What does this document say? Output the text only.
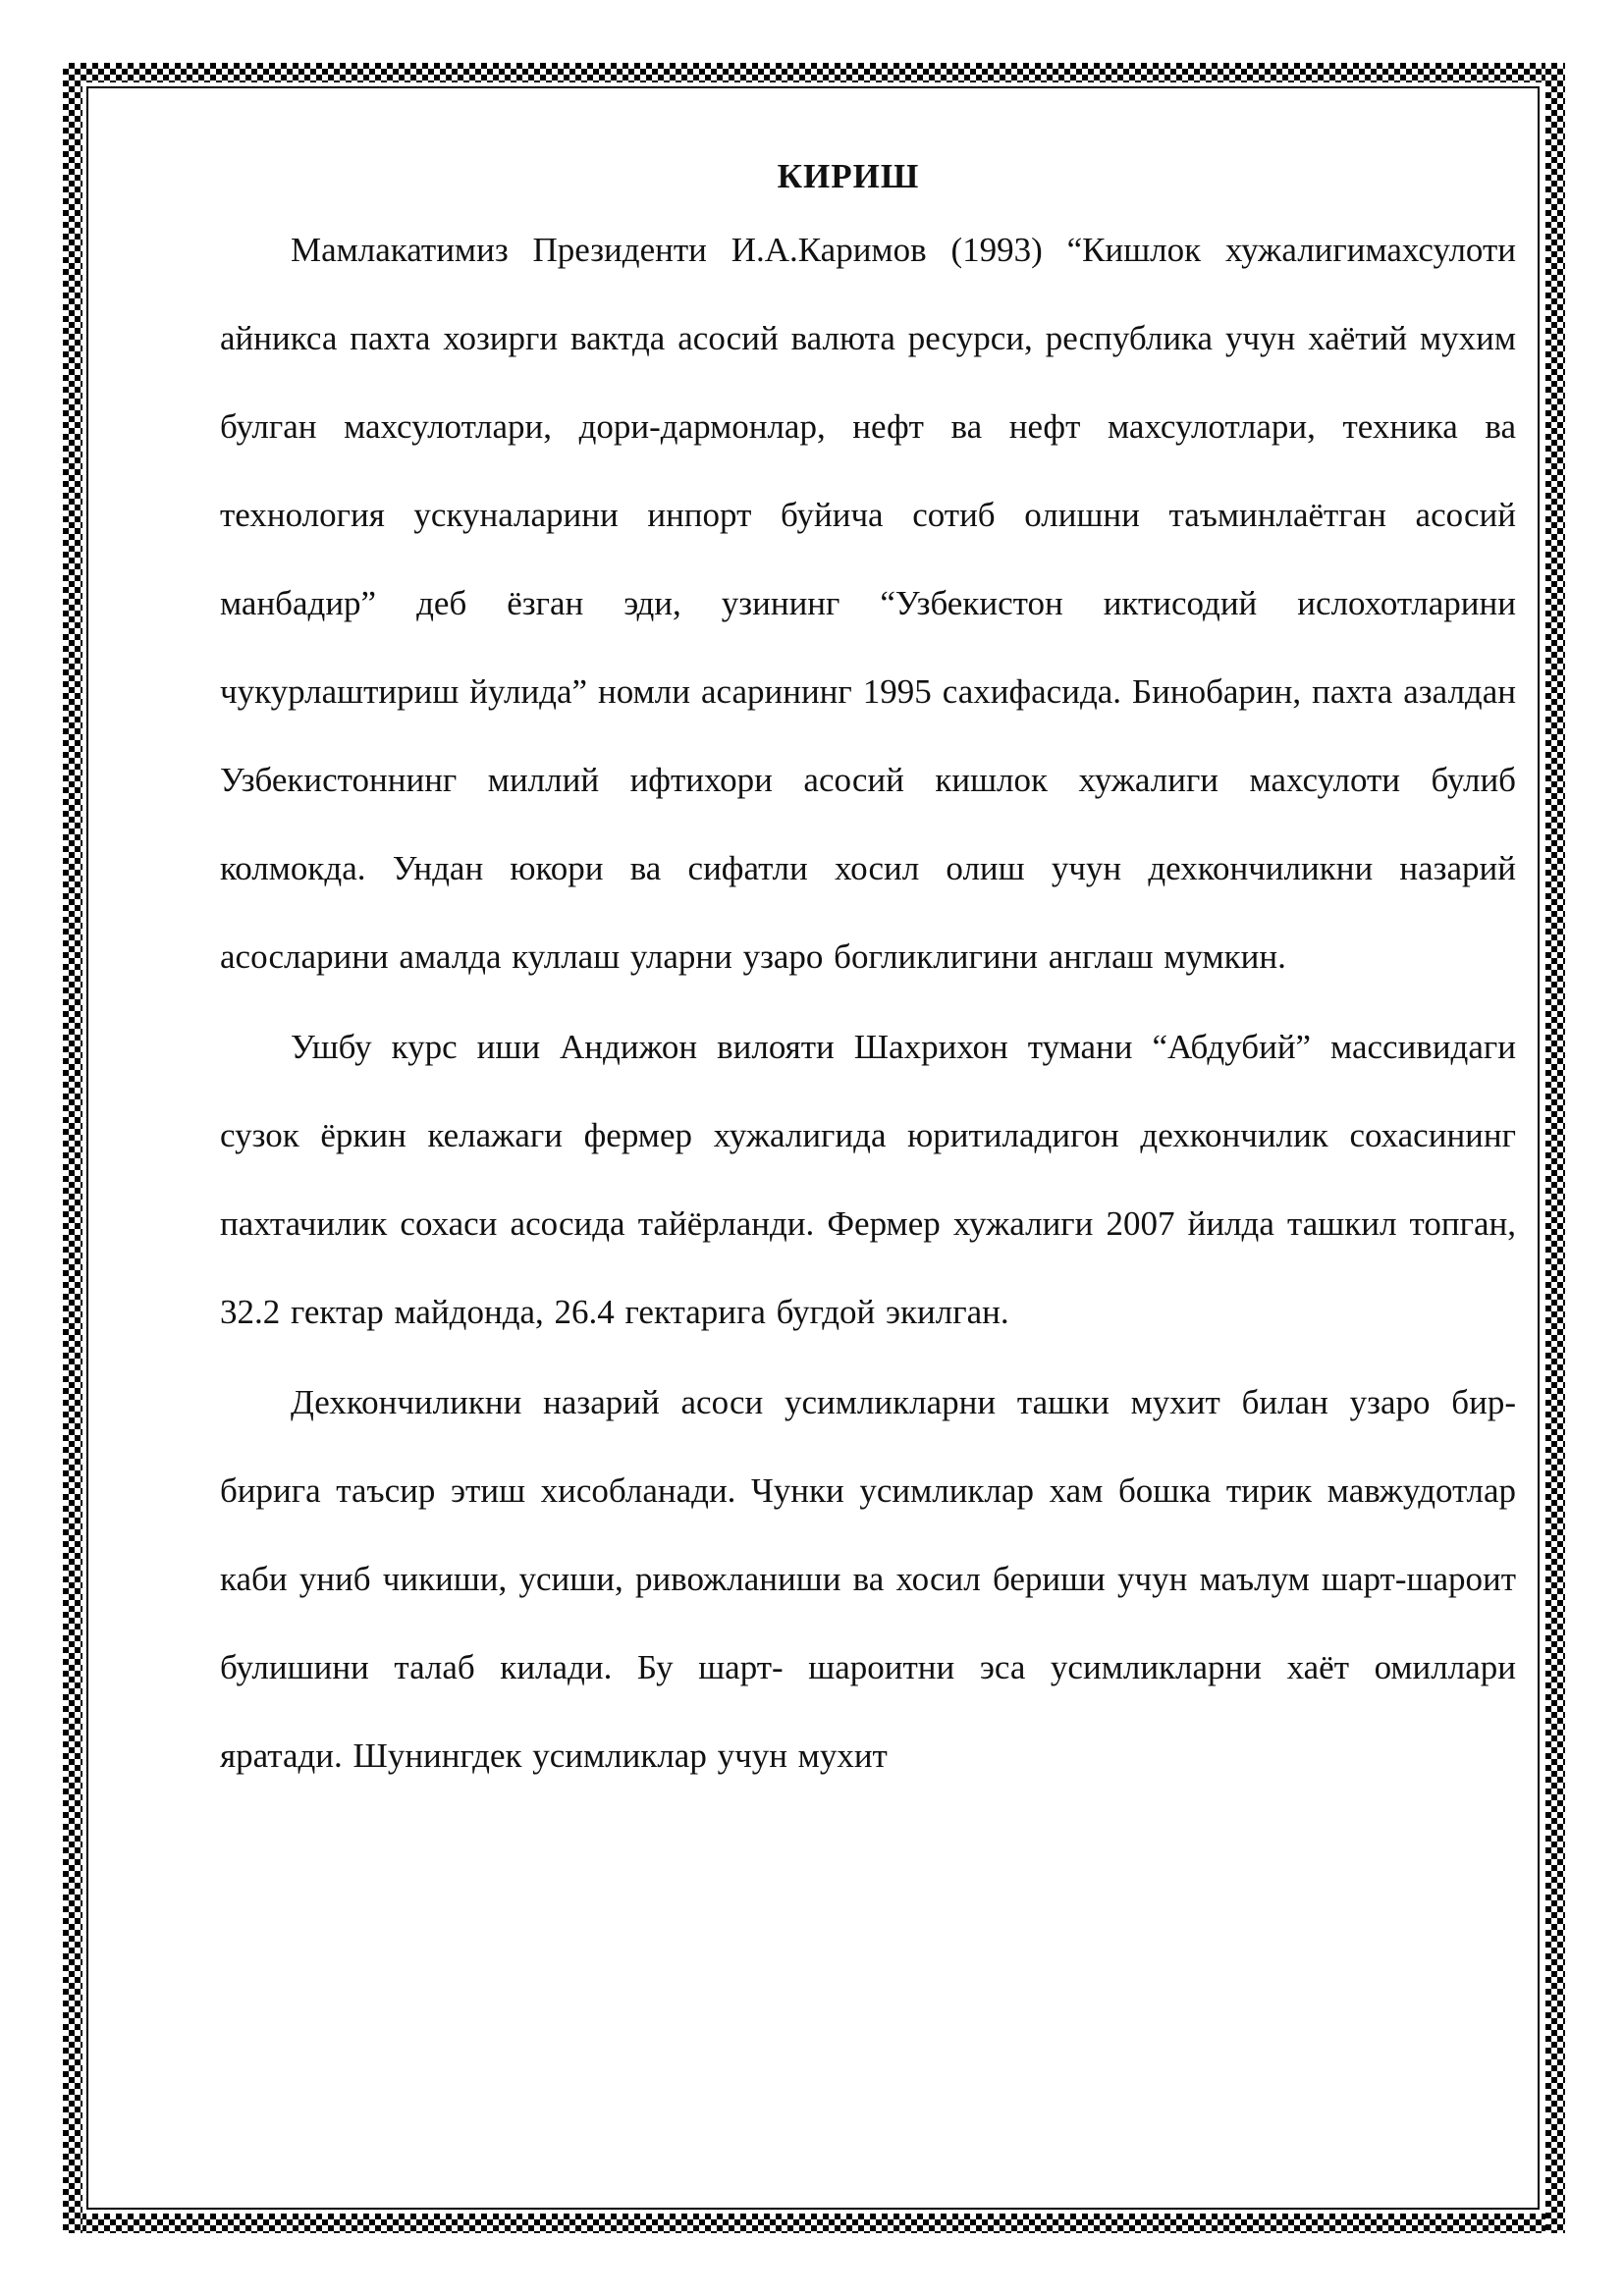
КИРИШ

Мамлакатимиз Президенти И.А.Каримов (1993) “Кишлок хужалигимахсулоти айникса пахта хозирги вактда асосий валюта ресурси, республика учун хаётий мухим булган махсулотлари, дори-дармонлар, нефт ва нефт махсулотлари, техника ва технология ускуналарини инпорт буйича сотиб олишни таъминлаётган асосий манбадир” деб ёзган эди, узининг “Узбекистон иктисодий ислохотларини чукурлаштириш йулида” номли асарининг 1995 сахифасида. Бинобарин, пахта азалдан Узбекистоннинг миллий ифтихори асосий кишлок хужалиги махсулоти булиб колмокда. Ундан юкори ва сифатли хосил олиш учун дехкончиликни назарий асосларини амалда куллаш уларни узаро богликлигини англаш мумкин.

Ушбу курс иши Андижон вилояти Шахрихон тумани “Абдубий” массивидаги сузок ёркин келажаги фермер хужалигида юритиладигон дехкончилик сохасининг пахтачилик сохаси асосида тайёрланди. Фермер хужалиги 2007 йилда ташкил топган, 32.2 гектар майдонда, 26.4 гектарига бугдой экилган.

Дехкончиликни назарий асоси усимликларни ташки мухит билан узаро бир-бирига таъсир этиш хисобланади. Чунки усимликлар хам бошка тирик мавжудотлар каби униб чикиши, усиши, ривожланиши ва хосил бериши учун маълум шарт-шароит булишини талаб килади. Бу шарт- шароитни эса усимликларни хаёт омиллари яратади. Шунингдек усимликлар учун мухит
